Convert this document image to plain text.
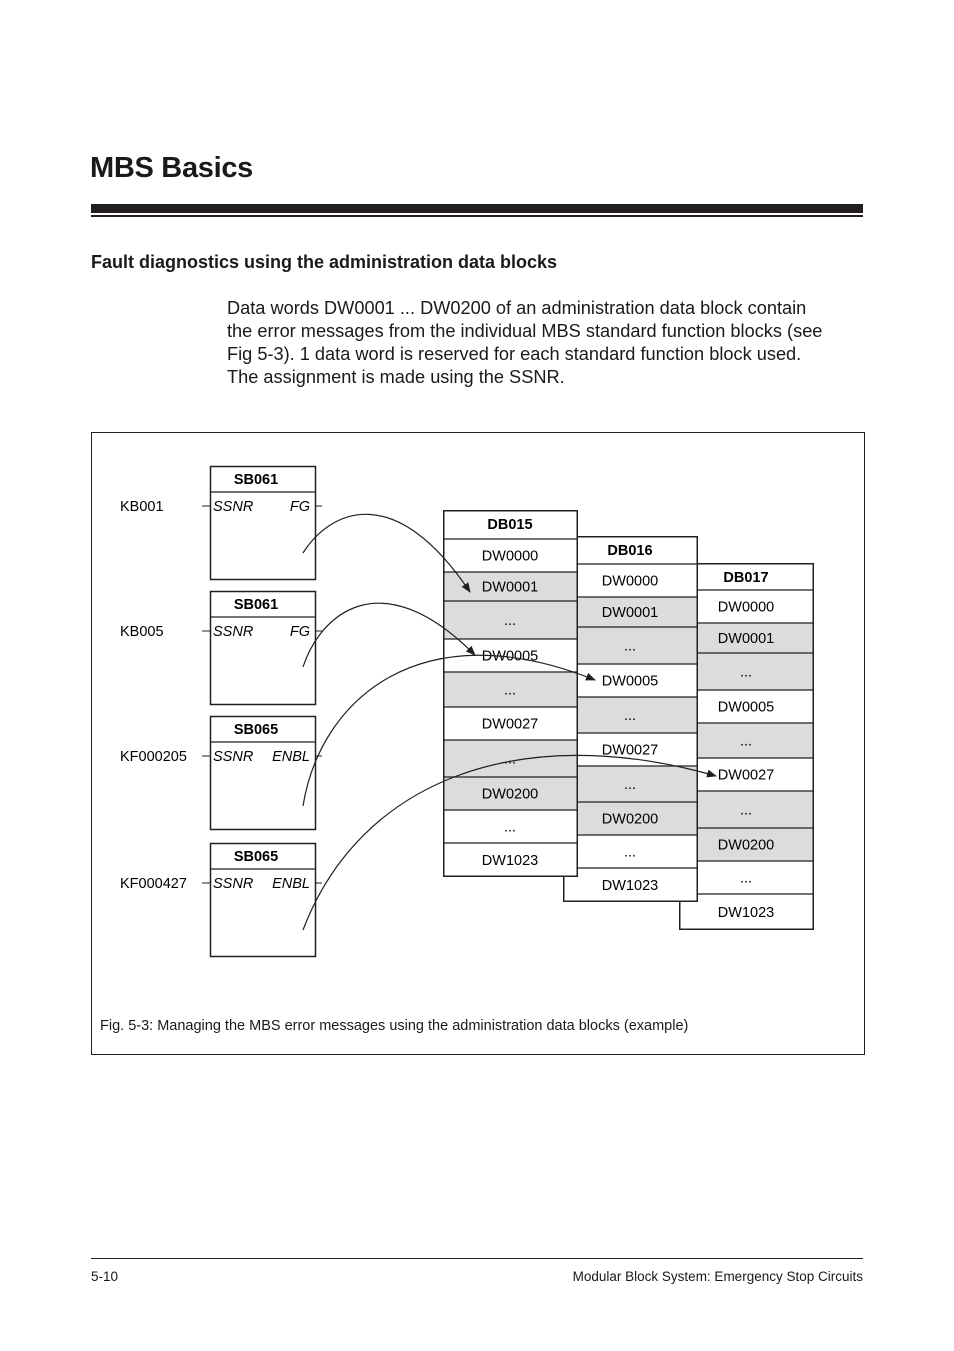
MBS Basics
Fault diagnostics using the administration data blocks
Data words DW0001 ... DW0200 of an administration data block contain
the error messages from the individual MBS standard function blocks (see
Fig 5-3). 1 data word is reserved for each standard function block used.
The assignment is made using the SSNR.
SB061
SSNR	FG
KB001
SB061
SSNR	FG
KB005
SB065
SSNR ENBL
KF000205
SB065
SSNR ENBL
KF000427
DB017
DW0000
DW0001
...
DW0005
...
DW0027
...
DW0200
...
DW1023
DB016
DW0000
DW0001
...
DW0005
...
DW0027
...
DW0200
...
DW1023
DB015
DW0000
DW0001
...
DW0005
...
DW0027
...
DW0200
...
DW1023
Fig. 5-3: Managing the MBS error messages using the administration data blocks (example)
5-10	Modular Block System: Emergency Stop Circuits
